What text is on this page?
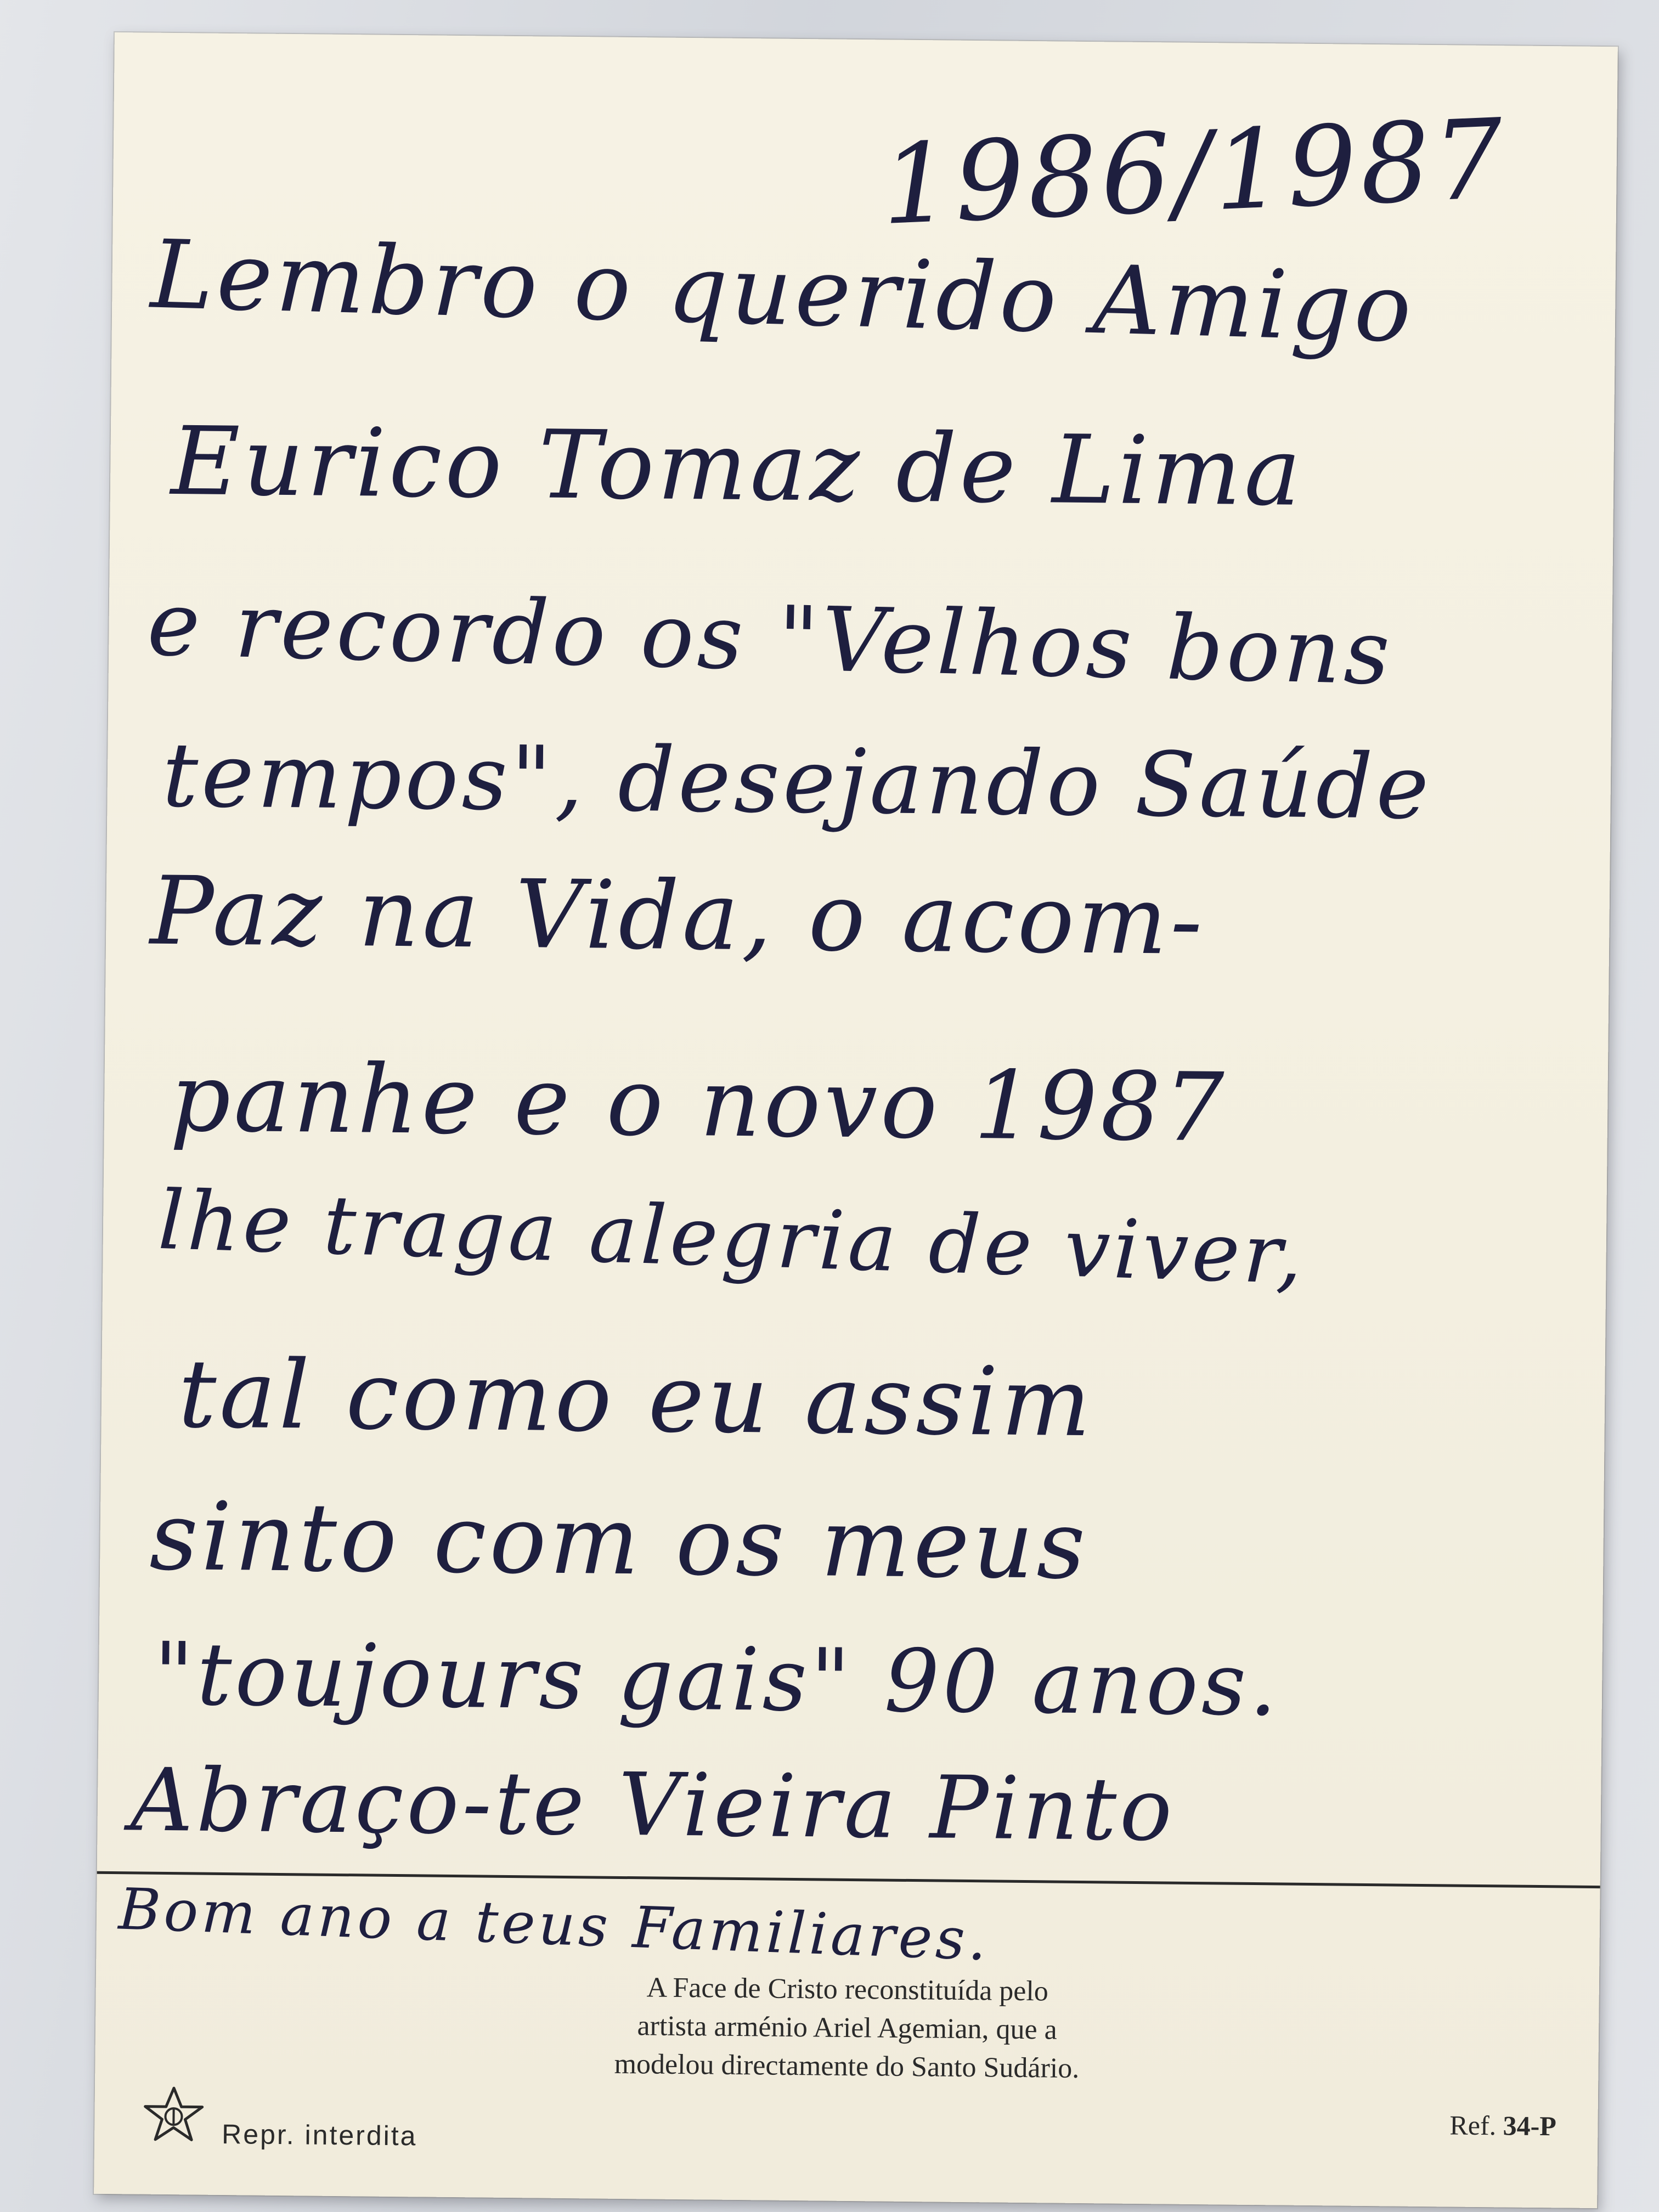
1986/1987
Lembro o querido Amigo
Eurico Tomaz de Lima
e recordo os "Velhos bons
tempos", desejando Saúde
Paz na Vida, o acom-
panhe e o novo 1987
lhe traga alegria de viver,
tal como eu assim
sinto com os meus
"toujours gais" 90 anos.
Abraço-te Vieira Pinto
Bom ano a teus Familiares.
A Face de Cristo reconstituída pelo
artista arménio Ariel Agemian, que a
modelou directamente do Santo Sudário.
Repr. interdita	Ref. 34-P
